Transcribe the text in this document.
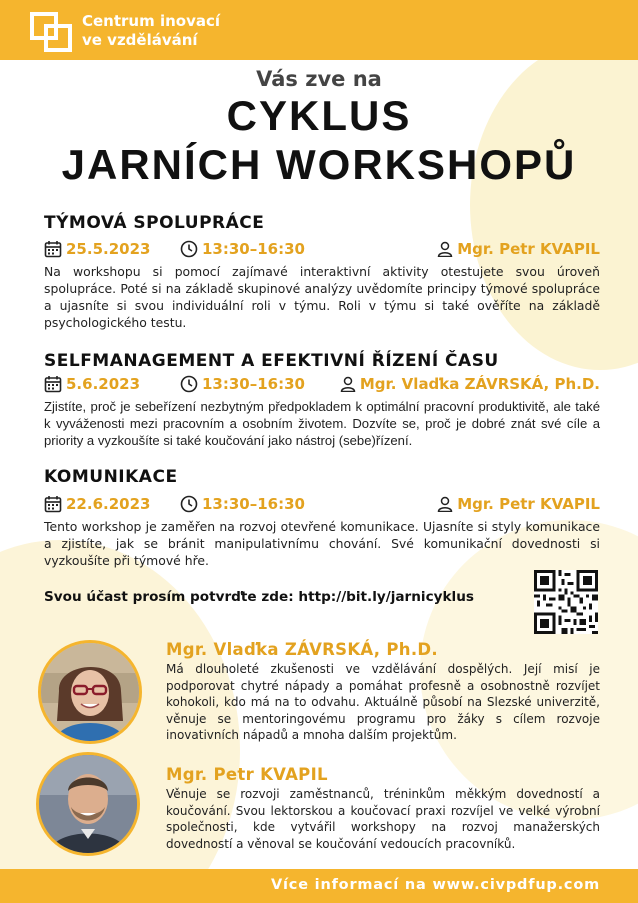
Centrum inovací
ve vzdělávání
Vás zve na
CYKLUS
JARNÍCH WORKSHOPŮ
TÝMOVÁ SPOLUPRÁCE
25.5.2023	13:30–16:30	Mgr. Petr KVAPIL
Na workshopu si pomocí zajímavé interaktivní aktivity otestujete svou úroveň spolupráce. Poté si na základě skupinové analýzy uvědomíte principy týmové spolupráce a ujasníte si svou individuální roli v týmu. Roli v týmu si také ověříte na základě psychologického testu.
SELFMANAGEMENT A EFEKTIVNÍ ŘÍZENÍ ČASU
5.6.2023	13:30–16:30	Mgr. Vlaďka ZÁVRSKÁ, Ph.D.
Zjistíte, proč je sebeřízení nezbytným předpokladem k optimální pracovní produktivitě, ale také k vyváženosti mezi pracovním a osobním životem. Dozvíte se, proč je dobré znát své cíle a priority a vyzkoušíte si také koučování jako nástroj (sebe)řízení.
KOMUNIKACE
22.6.2023	13:30–16:30	Mgr. Petr KVAPIL
Tento workshop je zaměřen na rozvoj otevřené komunikace. Ujasníte si styly komunikace a zjistíte, jak se bránit manipulativnímu chování. Své komunikační dovednosti si vyzkoušíte při týmové hře.
Svou účast prosím potvrďte zde: http://bit.ly/jarnicyklus
Mgr. Vlaďka ZÁVRSKÁ, Ph.D.
Má dlouholeté zkušenosti ve vzdělávání dospělých. Její misí je podporovat chytré nápady a pomáhat profesně a osobnostně rozvíjet kohokoli, kdo má na to odvahu. Aktuálně působí na Slezské univerzitě, věnuje se mentoringovému programu pro žáky s cílem rozvoje inovativních nápadů a mnoha dalším projektům.
Mgr. Petr KVAPIL
Věnuje se rozvoji zaměstnanců, tréninkům měkkým dovedností a koučování. Svou lektorskou a koučovací praxi rozvíjel ve velké výrobní společnosti, kde vytvářil workshopy na rozvoj manažerských dovedností a věnoval se koučování vedoucích pracovníků.
Více informací na www.civpdfup.com
